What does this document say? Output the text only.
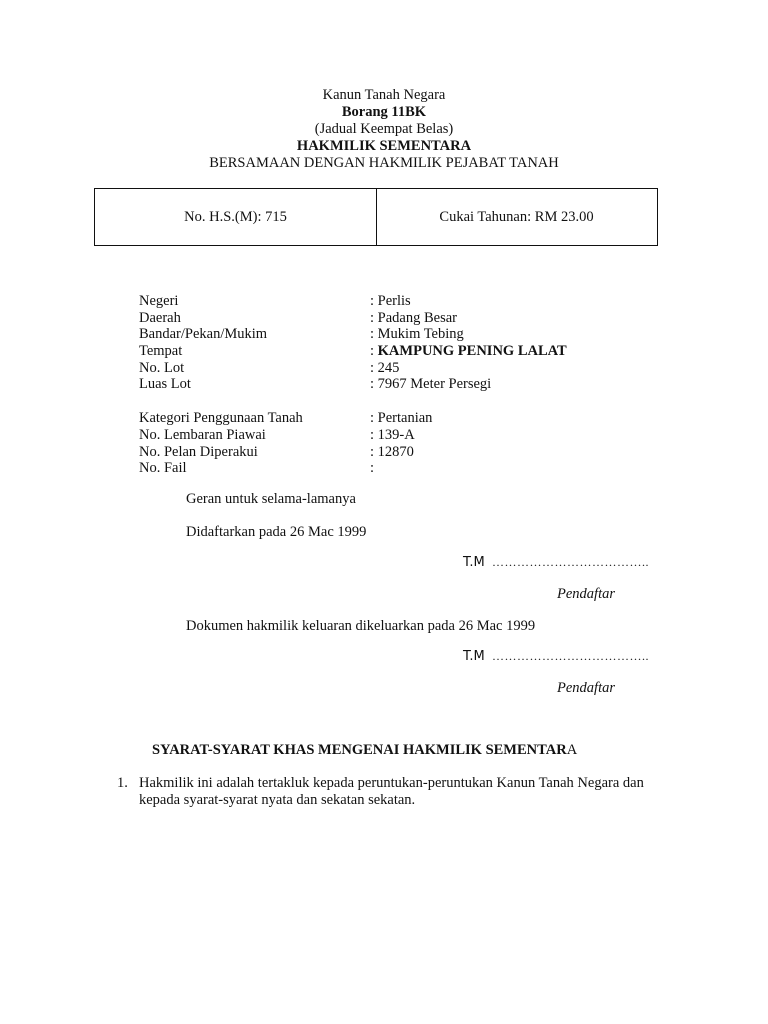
Kanun Tanah Negara
Borang 11BK
(Jadual Keempat Belas)
HAKMILIK SEMENTARA
BERSAMAAN DENGAN HAKMILIK PEJABAT TANAH
No. H.S.(M): 715	Cukai Tahunan: RM 23.00
Negeri	: Perlis
Daerah	: Padang Besar
Bandar/Pekan/Mukim	: Mukim Tebing
Tempat	: KAMPUNG PENING LALAT
No. Lot	: 245
Luas Lot	: 7967 Meter Persegi
Kategori Penggunaan Tanah	: Pertanian
No. Lembaran Piawai	: 139-A
No. Pelan Diperakui	: 12870
No. Fail	:
Geran untuk selama-lamanya
Didaftarkan pada 26 Mac 1999
T.M ………………………………..
Pendaftar
Dokumen hakmilik keluaran dikeluarkan pada 26 Mac 1999
T.M ………………………………..
Pendaftar
SYARAT-SYARAT KHAS MENGENAI HAKMILIK SEMENTARA
1. Hakmilik ini adalah tertakluk kepada peruntukan-peruntukan Kanun Tanah Negara dan
kepada syarat-syarat nyata dan sekatan sekatan.
